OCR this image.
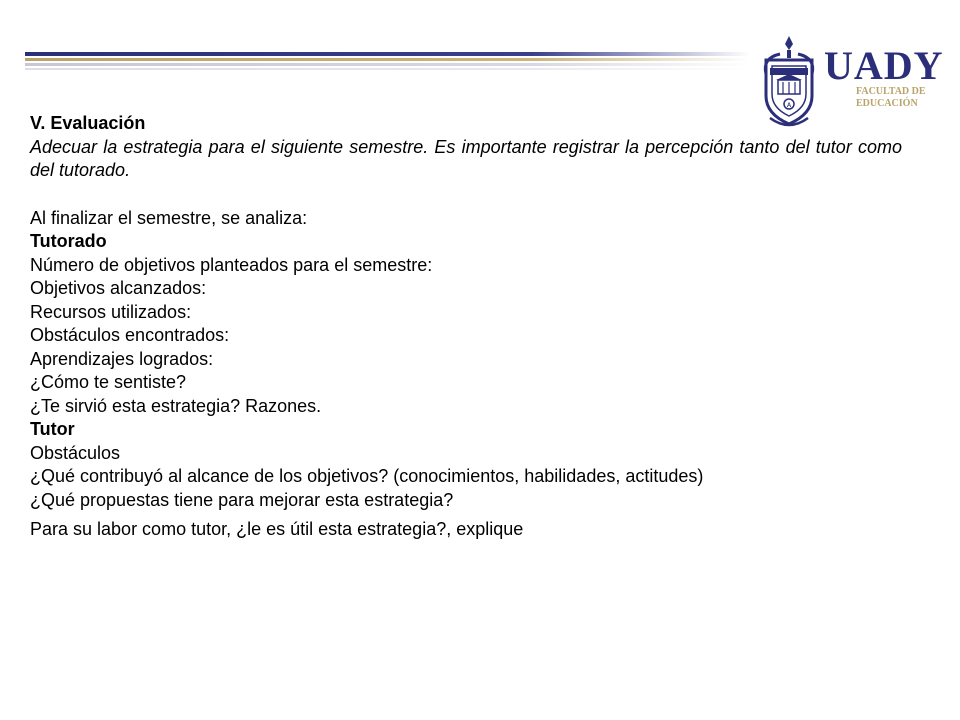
A
UADY
FACULTAD DE
EDUCACIÓN

V. Evaluación

Adecuar la estrategia para el siguiente semestre. Es importante registrar la percepción tanto del tutor como del tutorado.

Al finalizar el semestre, se analiza:

Tutorado

Número de objetivos planteados para el semestre:

Objetivos alcanzados:

Recursos utilizados:

Obstáculos encontrados:

Aprendizajes logrados:

¿Cómo te sentiste?

¿Te sirvió esta estrategia? Razones.

Tutor

Obstáculos

¿Qué contribuyó al alcance de los objetivos? (conocimientos, habilidades, actitudes)

¿Qué propuestas tiene para mejorar esta estrategia?

Para su labor como tutor, ¿le es útil esta estrategia?, explique
